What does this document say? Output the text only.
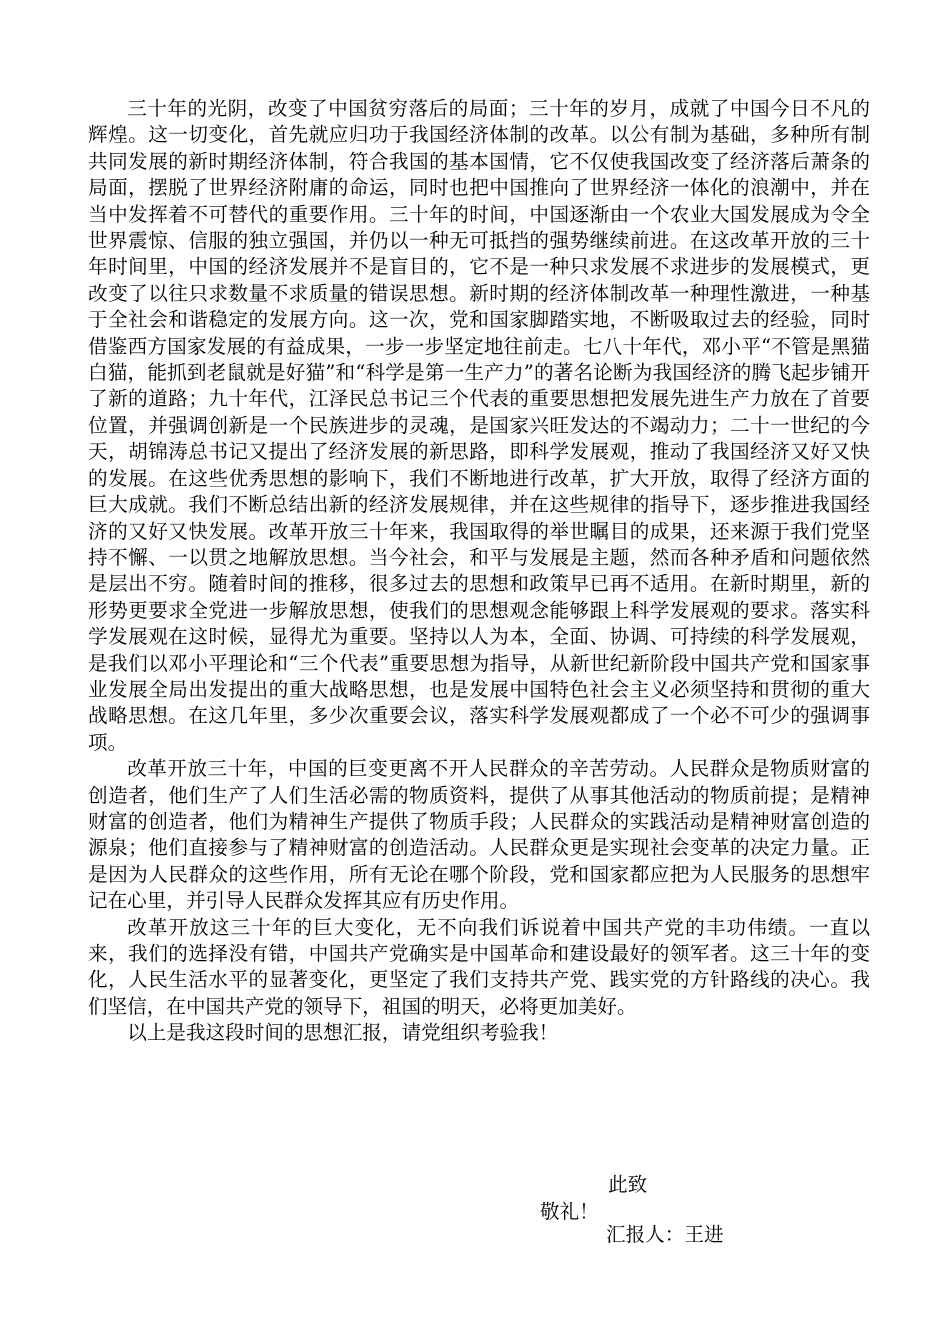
三十年的光阴，改变了中国贫穷落后的局面；三十年的岁月，成就了中国今日不凡的辉煌。这一切变化，首先就应归功于我国经济体制的改革。以公有制为基础，多种所有制共同发展的新时期经济体制，符合我国的基本国情，它不仅使我国改变了经济落后萧条的局面，摆脱了世界经济附庸的命运，同时也把中国推向了世界经济一体化的浪潮中，并在当中发挥着不可替代的重要作用。三十年的时间，中国逐渐由一个农业大国发展成为令全世界震惊、信服的独立强国，并仍以一种无可抵挡的强势继续前进。在这改革开放的三十年时间里，中国的经济发展并不是盲目的，它不是一种只求发展不求进步的发展模式，更改变了以往只求数量不求质量的错误思想。新时期的经济体制改革一种理性激进，一种基于全社会和谐稳定的发展方向。这一次，党和国家脚踏实地，不断吸取过去的经验，同时借鉴西方国家发展的有益成果，一步一步坚定地往前走。七八十年代，邓小平“不管是黑猫白猫，能抓到老鼠就是好猫”和“科学是第一生产力”的著名论断为我国经济的腾飞起步铺开了新的道路；九十年代，江泽民总书记三个代表的重要思想把发展先进生产力放在了首要位置，并强调创新是一个民族进步的灵魂，是国家兴旺发达的不竭动力；二十一世纪的今天，胡锦涛总书记又提出了经济发展的新思路，即科学发展观，推动了我国经济又好又快的发展。在这些优秀思想的影响下，我们不断地进行改革，扩大开放，取得了经济方面的巨大成就。我们不断总结出新的经济发展规律，并在这些规律的指导下，逐步推进我国经济的又好又快发展。改革开放三十年来，我国取得的举世瞩目的成果，还来源于我们党坚持不懈、一以贯之地解放思想。当今社会，和平与发展是主题，然而各种矛盾和问题依然是层出不穷。随着时间的推移，很多过去的思想和政策早已再不适用。在新时期里，新的形势更要求全党进一步解放思想，使我们的思想观念能够跟上科学发展观的要求。落实科学发展观在这时候，显得尤为重要。坚持以人为本，全面、协调、可持续的科学发展观，是我们以邓小平理论和“三个代表”重要思想为指导，从新世纪新阶段中国共产党和国家事业发展全局出发提出的重大战略思想，也是发展中国特色社会主义必须坚持和贯彻的重大战略思想。在这几年里，多少次重要会议，落实科学发展观都成了一个必不可少的强调事项。

改革开放三十年，中国的巨变更离不开人民群众的辛苦劳动。人民群众是物质财富的创造者，他们生产了人们生活必需的物质资料，提供了从事其他活动的物质前提；是精神财富的创造者，他们为精神生产提供了物质手段；人民群众的实践活动是精神财富创造的源泉；他们直接参与了精神财富的创造活动。人民群众更是实现社会变革的决定力量。正是因为人民群众的这些作用，所有无论在哪个阶段，党和国家都应把为人民服务的思想牢记在心里，并引导人民群众发挥其应有历史作用。

改革开放这三十年的巨大变化，无不向我们诉说着中国共产党的丰功伟绩。一直以来，我们的选择没有错，中国共产党确实是中国革命和建设最好的领军者。这三十年的变化，人民生活水平的显著变化，更坚定了我们支持共产党、践实党的方针路线的决心。我们坚信，在中国共产党的领导下，祖国的明天，必将更加美好。

以上是我这段时间的思想汇报，请党组织考验我！

此致
敬礼！
汇报人：王进
